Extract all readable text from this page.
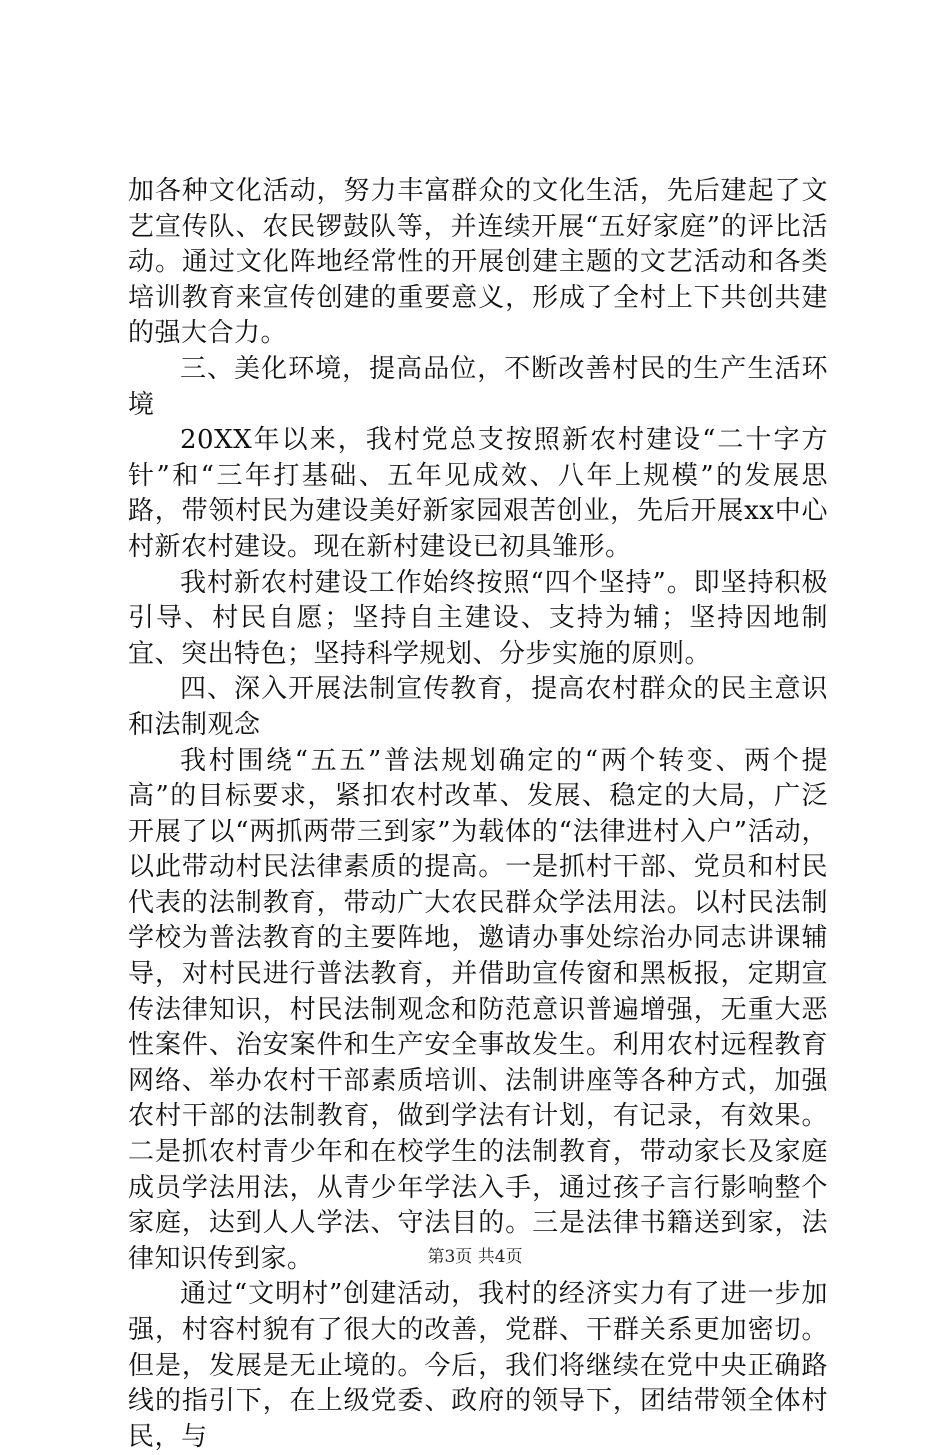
加各种文化活动，努力丰富群众的文化生活，先后建起了文艺宣传队、农民锣鼓队等，并连续开展“五好家庭”的评比活动。通过文化阵地经常性的开展创建主题的文艺活动和各类培训教育来宣传创建的重要意义，形成了全村上下共创共建的强大合力。

三、美化环境，提高品位，不断改善村民的生产生活环境

20XX年以来，我村党总支按照新农村建设“二十字方针”和“三年打基础、五年见成效、八年上规模”的发展思路，带领村民为建设美好新家园艰苦创业，先后开展xx中心村新农村建设。现在新村建设已初具雏形。

我村新农村建设工作始终按照“四个坚持”。即坚持积极引导、村民自愿；坚持自主建设、支持为辅；坚持因地制宜、突出特色；坚持科学规划、分步实施的原则。

四、深入开展法制宣传教育，提高农村群众的民主意识和法制观念

我村围绕“五五”普法规划确定的“两个转变、两个提高”的目标要求，紧扣农村改革、发展、稳定的大局，广泛开展了以“两抓两带三到家”为载体的“法律进村入户”活动，以此带动村民法律素质的提高。一是抓村干部、党员和村民代表的法制教育，带动广大农民群众学法用法。以村民法制学校为普法教育的主要阵地，邀请办事处综治办同志讲课辅导，对村民进行普法教育，并借助宣传窗和黑板报，定期宣传法律知识，村民法制观念和防范意识普遍增强，无重大恶性案件、治安案件和生产安全事故发生。利用农村远程教育网络、举办农村干部素质培训、法制讲座等各种方式，加强农村干部的法制教育，做到学法有计划，有记录，有效果。二是抓农村青少年和在校学生的法制教育，带动家长及家庭成员学法用法，从青少年学法入手，通过孩子言行影响整个家庭，达到人人学法、守法目的。三是法律书籍送到家，法律知识传到家。

通过“文明村”创建活动，我村的经济实力有了进一步加强，村容村貌有了很大的改善，党群、干群关系更加密切。但是，发展是无止境的。今后，我们将继续在党中央正确路线的指引下，在上级党委、政府的领导下，团结带领全体村民，与

第3页 共4页
